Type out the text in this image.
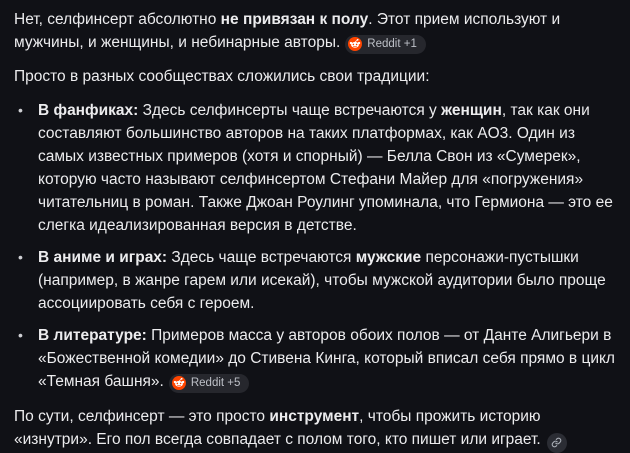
Нет, селфинсерт абсолютно не привязан к полу. Этот прием используют и мужчины, и женщины, и небинарные авторы. Reddit +1

Просто в разных сообществах сложились свои традиции:

• В фанфиках: Здесь селфинсерты чаще встречаются у женщин, так как они составляют большинство авторов на таких платформах, как AO3. Один из самых известных примеров (хотя и спорный) — Белла Свон из «Сумерек», которую часто называют селфинсертом Стефани Майер для «погружения» читательниц в роман. Также Джоан Роулинг упоминала, что Гермиона — это ее слегка идеализированная версия в детстве.
• В аниме и играх: Здесь чаще встречаются мужские персонажи-пустышки (например, в жанре гарем или исекай), чтобы мужской аудитории было проще ассоциировать себя с героем.
• В литературе: Примеров масса у авторов обоих полов — от Данте Алигьери в «Божественной комедии» до Стивена Кинга, который вписал себя прямо в цикл «Темная башня». Reddit +5

По сути, селфинсерт — это просто инструмент, чтобы прожить историю «изнутри». Его пол всегда совпадает с полом того, кто пишет или играет.
